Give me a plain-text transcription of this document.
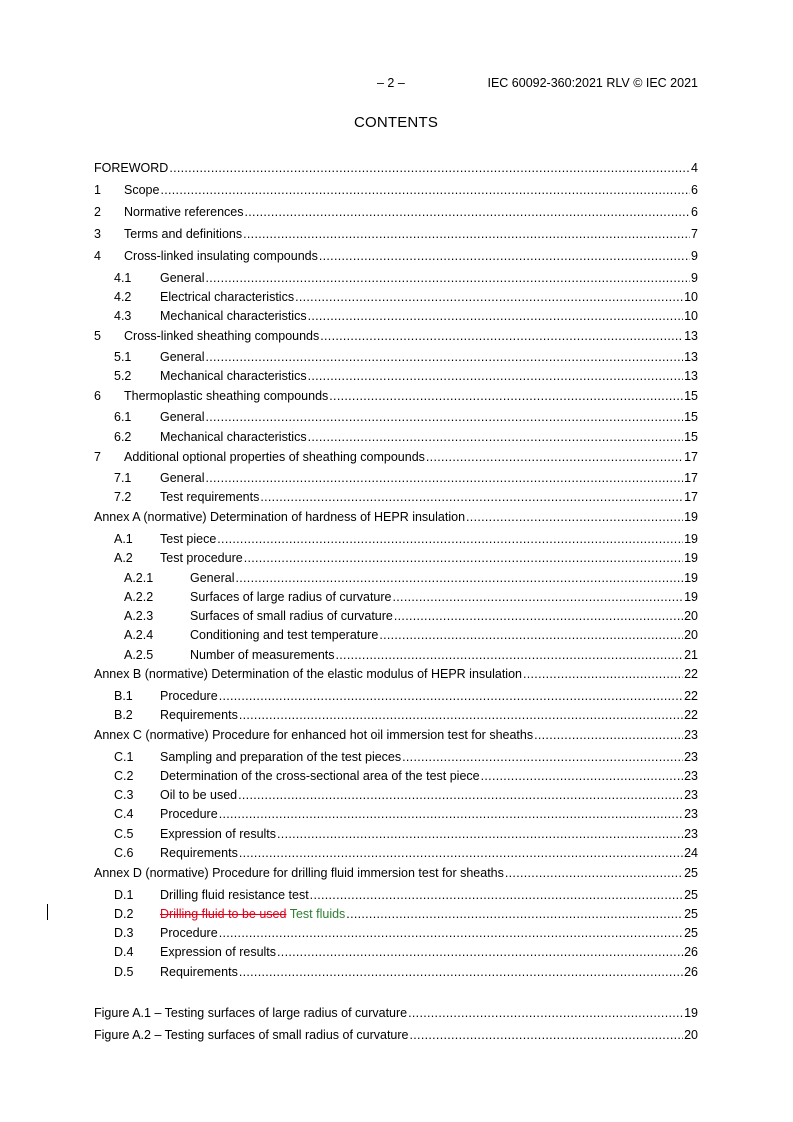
– 2 –	IEC 60092-360:2021 RLV © IEC 2021
CONTENTS
FOREWORD .....	4
1	Scope .....	6
2	Normative references .....	6
3	Terms and definitions .....	7
4	Cross-linked insulating compounds .....	9
4.1	General .....	9
4.2	Electrical characteristics .....	10
4.3	Mechanical characteristics .....	10
5	Cross-linked sheathing compounds .....	13
5.1	General .....	13
5.2	Mechanical characteristics .....	13
6	Thermoplastic sheathing compounds .....	15
6.1	General .....	15
6.2	Mechanical characteristics .....	15
7	Additional optional properties of sheathing compounds .....	17
7.1	General .....	17
7.2	Test requirements .....	17
Annex A (normative) Determination of hardness of HEPR insulation .....	19
A.1	Test piece .....	19
A.2	Test procedure .....	19
A.2.1	General .....	19
A.2.2	Surfaces of large radius of curvature .....	19
A.2.3	Surfaces of small radius of curvature .....	20
A.2.4	Conditioning and test temperature .....	20
A.2.5	Number of measurements .....	21
Annex B (normative) Determination of the elastic modulus of HEPR insulation .....	22
B.1	Procedure .....	22
B.2	Requirements .....	22
Annex C (normative) Procedure for enhanced hot oil immersion test for sheaths .....	23
C.1	Sampling and preparation of the test pieces .....	23
C.2	Determination of the cross-sectional area of the test piece .....	23
C.3	Oil to be used .....	23
C.4	Procedure .....	23
C.5	Expression of results .....	23
C.6	Requirements .....	24
Annex D (normative) Procedure for drilling fluid immersion test for sheaths .....	25
D.1	Drilling fluid resistance test .....	25
D.2	Drilling fluid to be used Test fluids .....	25
D.3	Procedure .....	25
D.4	Expression of results .....	26
D.5	Requirements .....	26
Figure A.1 – Testing surfaces of large radius of curvature .....	19
Figure A.2 – Testing surfaces of small radius of curvature .....	20
